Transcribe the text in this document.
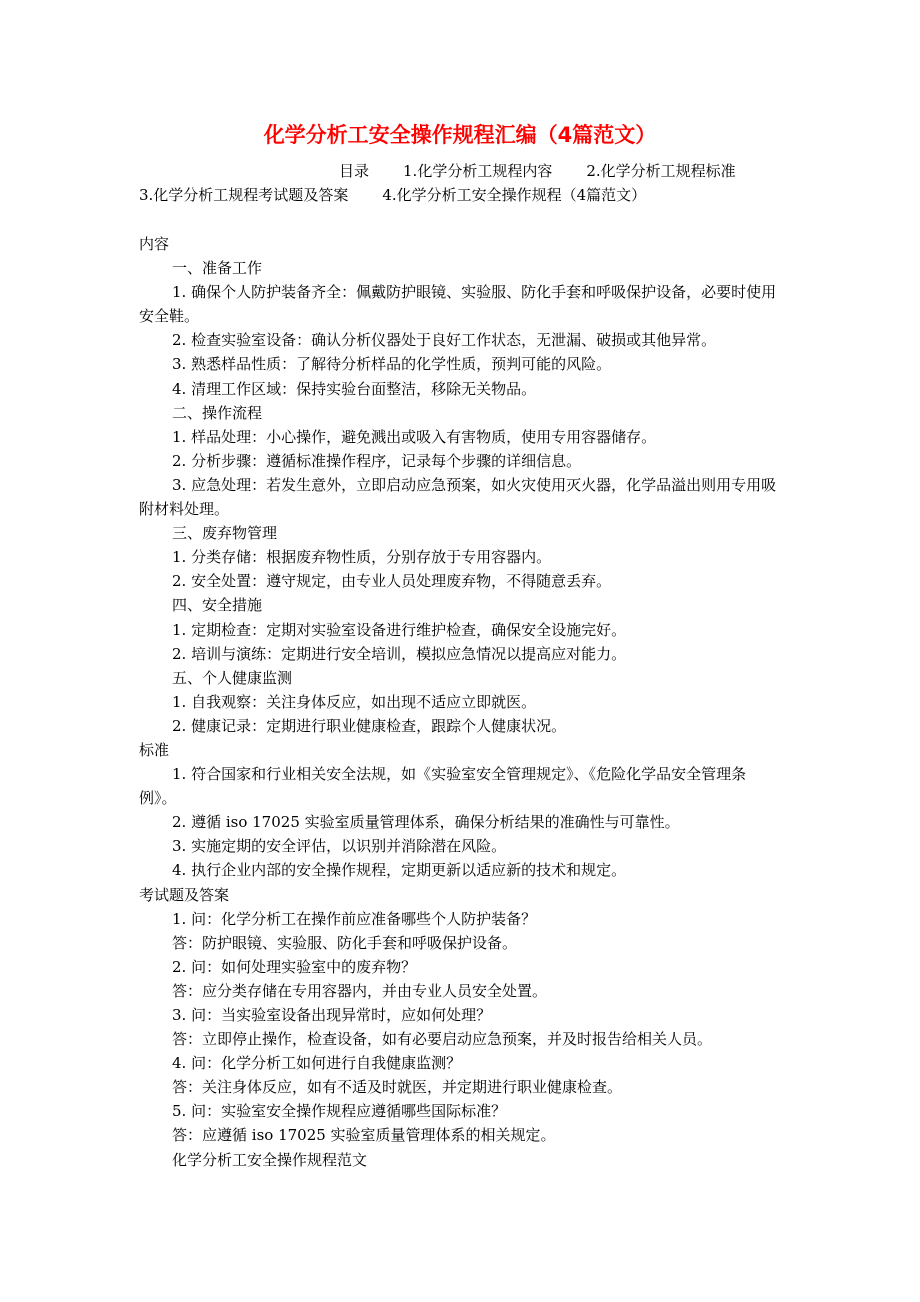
化学分析工安全操作规程汇编（4篇范文）
目录 1.化学分析工规程内容 2.化学分析工规程标准
3.化学分析工规程考试题及答案 4.化学分析工安全操作规程（4篇范文）

内容

一、准备工作

1. 确保个人防护装备齐全：佩戴防护眼镜、实验服、防化手套和呼吸保护设备，必要时使用安全鞋。

2. 检查实验室设备：确认分析仪器处于良好工作状态，无泄漏、破损或其他异常。

3. 熟悉样品性质：了解待分析样品的化学性质，预判可能的风险。

4. 清理工作区域：保持实验台面整洁，移除无关物品。

二、操作流程

1. 样品处理：小心操作，避免溅出或吸入有害物质，使用专用容器储存。

2. 分析步骤：遵循标准操作程序，记录每个步骤的详细信息。

3. 应急处理：若发生意外，立即启动应急预案，如火灾使用灭火器，化学品溢出则用专用吸附材料处理。

三、废弃物管理

1. 分类存储：根据废弃物性质，分别存放于专用容器内。

2. 安全处置：遵守规定，由专业人员处理废弃物，不得随意丢弃。

四、安全措施

1. 定期检查：定期对实验室设备进行维护检查，确保安全设施完好。

2. 培训与演练：定期进行安全培训，模拟应急情况以提高应对能力。

五、个人健康监测

1. 自我观察：关注身体反应，如出现不适应立即就医。

2. 健康记录：定期进行职业健康检查，跟踪个人健康状况。

标准

1. 符合国家和行业相关安全法规，如《实验室安全管理规定》、《危险化学品安全管理条例》。

2. 遵循 iso 17025 实验室质量管理体系，确保分析结果的准确性与可靠性。

3. 实施定期的安全评估，以识别并消除潜在风险。

4. 执行企业内部的安全操作规程，定期更新以适应新的技术和规定。

考试题及答案

1. 问：化学分析工在操作前应准备哪些个人防护装备？

答：防护眼镜、实验服、防化手套和呼吸保护设备。

2. 问：如何处理实验室中的废弃物？

答：应分类存储在专用容器内，并由专业人员安全处置。

3. 问：当实验室设备出现异常时，应如何处理？

答：立即停止操作，检查设备，如有必要启动应急预案，并及时报告给相关人员。

4. 问：化学分析工如何进行自我健康监测？

答：关注身体反应，如有不适及时就医，并定期进行职业健康检查。

5. 问：实验室安全操作规程应遵循哪些国际标准？

答：应遵循 iso 17025 实验室质量管理体系的相关规定。

化学分析工安全操作规程范文
